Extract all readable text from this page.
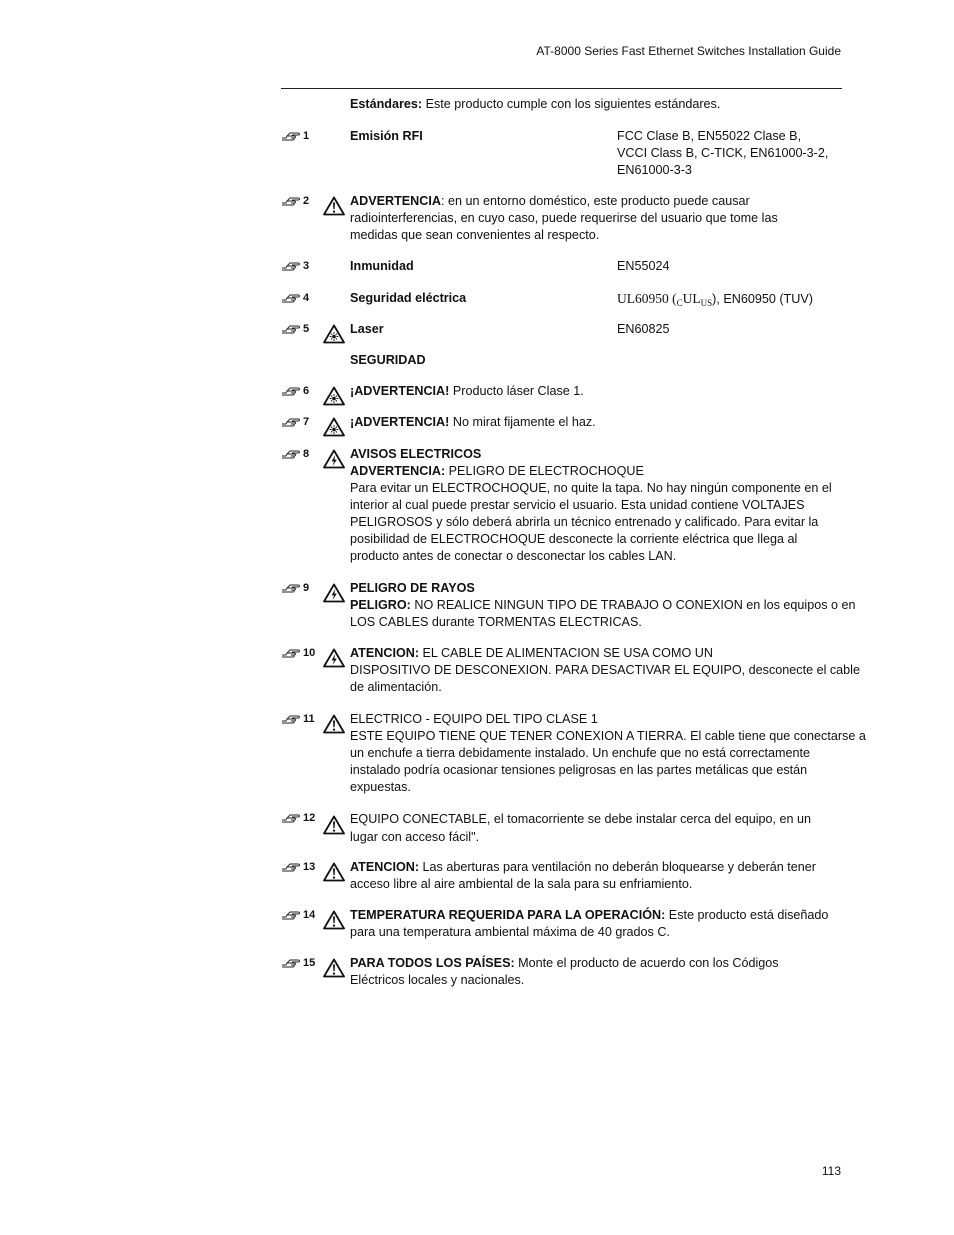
AT-8000 Series Fast Ethernet Switches Installation Guide
Estándares: Este producto cumple con los siguientes estándares.
1	Emisión RFI	FCC Clase B, EN55022 Clase B,
VCCI Class B, C-TICK, EN61000-3-2,
EN61000-3-3
2	ADVERTENCIA: en un entorno doméstico, este producto puede causar
radiointerferencias, en cuyo caso, puede requerirse del usuario que tome las
medidas que sean convenientes al respecto.
3	Inmunidad	EN55024
4	Seguridad eléctrica	UL60950 $(_CUL_{US})$, EN60950 (TUV)
5	Laser	EN60825
SEGURIDAD
6	¡ADVERTENCIA! Producto láser Clase 1.
7	¡ADVERTENCIA! No mirat fijamente el haz.
8	AVISOS ELECTRICOS
ADVERTENCIA: PELIGRO DE ELECTROCHOQUE
Para evitar un ELECTROCHOQUE, no quite la tapa. No hay ningún componente en el
interior al cual puede prestar servicio el usuario. Esta unidad contiene VOLTAJES
PELIGROSOS y sólo deberá abrirla un técnico entrenado y calificado. Para evitar la
posibilidad de ELECTROCHOQUE desconecte la corriente eléctrica que llega al
producto antes de conectar o desconectar los cables LAN.
9	PELIGRO DE RAYOS
PELIGRO: NO REALICE NINGUN TIPO DE TRABAJO O CONEXION en los equipos o en
LOS CABLES durante TORMENTAS ELECTRICAS.
10	ATENCION: EL CABLE DE ALIMENTACION SE USA COMO UN
DISPOSITIVO DE DESCONEXION. PARA DESACTIVAR EL EQUIPO, desconecte el cable
de alimentación.
11	ELECTRICO - EQUIPO DEL TIPO CLASE 1
ESTE EQUIPO TIENE QUE TENER CONEXION A TIERRA. El cable tiene que conectarse a
un enchufe a tierra debidamente instalado. Un enchufe que no está correctamente
instalado podría ocasionar tensiones peligrosas en las partes metálicas que están
expuestas.
12	EQUIPO CONECTABLE, el tomacorriente se debe instalar cerca del equipo, en un
lugar con acceso fácil".
13	ATENCION: Las aberturas para ventilación no deberán bloquearse y deberán tener
acceso libre al aire ambiental de la sala para su enfriamiento.
14	TEMPERATURA REQUERIDA PARA LA OPERACIÓN: Este producto está diseñado
para una temperatura ambiental máxima de 40 grados C.
15	PARA TODOS LOS PAÍSES: Monte el producto de acuerdo con los Códigos
Eléctricos locales y nacionales.
113
